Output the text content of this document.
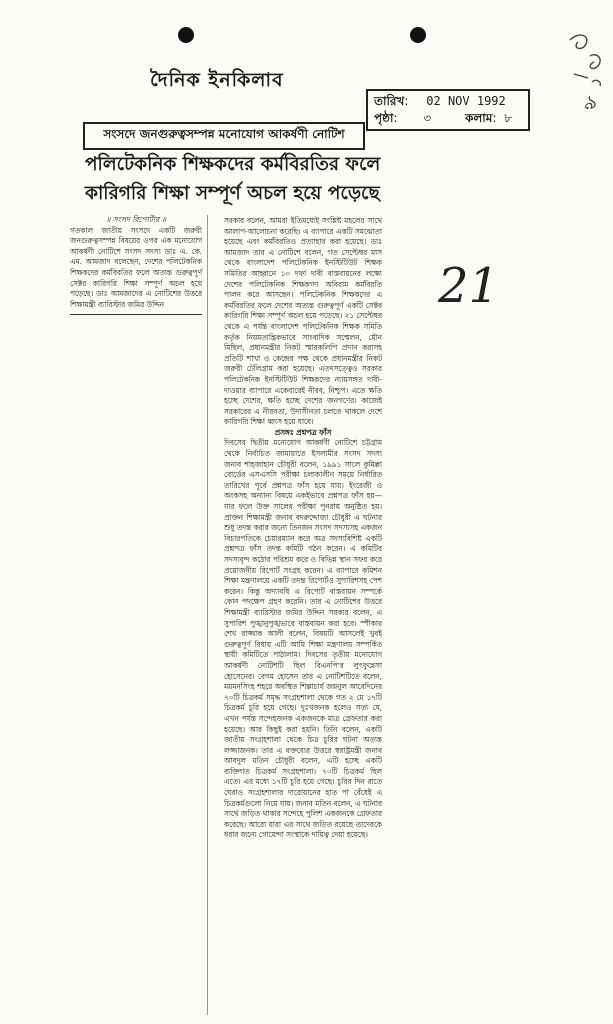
৯
21
দৈনিক ইনকিলাব
তারিখ: 02 NOV 1992
পৃষ্ঠা: ৩	কলাম: ৮
সংসদে জনগুরুত্বসম্পন্ন মনোযোগ আকর্ষণী নোটিশ
পলিটেকনিক শিক্ষকদের কর্মবিরতির ফলে
কারিগরি শিক্ষা সম্পূর্ণ অচল হয়ে পড়েছে
॥ সংসদ রিপোর্টার ॥

গতকাল জাতীয় সংসদে একটি জরুরী জনগুরুত্বসম্পন্ন বিষয়ের ওপর এক মনোযোগ আকর্ষণী নোটিশে সংসদ সদস্য ডাঃ এ. কে. এম. আমজাদ বলেছেন, দেশের পলিটেকনিক শিক্ষকদের কর্মবিরতির ফলে অত্যন্ত গুরুত্বপূর্ণ সেক্টর কারিগরি শিক্ষা সম্পূর্ণ অচল হয়ে পড়েছে। ডাঃ আমজাদের এ নোটিশের উত্তরে শিক্ষামন্ত্রী ব্যারিস্টার জমির উদ্দিন

সরকার বলেন, আমরা ইতিমধ্যেই সংশ্লিষ্ট মহলের সাথে আলাপ-আলোচনা করেছি। এ ব্যাপারে একটি সমঝোতা হয়েছে এবং কর্মবিরতিও প্রত্যাহার করা হয়েছে। ডাঃ আমজাদ তার এ নোটিশে বলেন, গত সেপ্টেম্বর মাস থেকে বাংলাদেশ পলিটেকনিক ইনস্টিটিউট শিক্ষক সমিতির আহ্বানে ১০ দফা দাবী বাস্তবায়নের লক্ষ্যে দেশের পলিটেকনিক শিক্ষকগণ অবিরাম কর্মবিরতি পালন করে আসছেন। পলিটেকনিক শিক্ষকদের এ কর্মবিরতির ফলে দেশের অত্যন্ত গুরুত্বপূর্ণ একটি সেক্টর কারিগরি শিক্ষা সম্পূর্ণ অচল হয়ে পড়েছে। ২১ সেপ্টেম্বর থেকে এ পর্যন্ত বাংলাদেশ পলিটেকনিক শিক্ষক সমিতি কর্তৃক নিয়মতান্ত্রিকভাবে সাংবাদিক সম্মেলন, মৌন মিছিল, প্রধানমন্ত্রীর নিকট স্মারকলিপি প্রদান করাসহ প্রতিটি শাখা ও কেন্দ্রের পক্ষ থেকে প্রধানমন্ত্রীর নিকট জরুরী টেলিগ্রাম করা হয়েছে। এতদসত্ত্বেও সরকার পলিটেকনিক ইনস্টিটিউট শিক্ষকদের ন্যায়সঙ্গত দাবী-দাওয়ার ব্যাপারে একেবারেই নীরব, নিশ্চুপ। এতে ক্ষতি হচ্ছে দেশের, ক্ষতি হচ্ছে দেশের জনগণের। কাজেই সরকারের এ নীরবতা, উদাসীনতা চলতে থাকলে দেশে কারিগরি শিক্ষা ধ্বংস হয়ে যাবে।

প্রসঙ্গঃ প্রশ্নপত্র ফাঁস

দিবসের দ্বিতীয় মনোযোগ আকর্ষণী নোটিশে চট্টগ্রাম থেকে নির্বাচিত জামায়াতে ইসলামীর সংসদ সদস্য জনাব শাহজাহান চৌধুরী বলেন, ১৯৯১ সালে কুমিল্লা বোর্ডের এসএসসি পরীক্ষা চলাকালীন সময়ে নির্ধারিত তারিখের পূর্বে প্রশ্নপত্র ফাঁস হয়ে যায়। ইংরেজী ও অংকসহ অন্যান্য বিষয়ে একইভাবে প্রশ্নপত্র ফাঁস হয়— যার ফলে উক্ত সালের পরীক্ষা পুনরায় অনুষ্ঠিত হয়। প্রাক্তন শিক্ষামন্ত্রী জনাব বদরুদ্দোজা চৌধুরী এ ঘটনার শুধু তদন্ত করার জন্যে তিনজন সংসদ সদস্যসহ একজন বিচারপতিকে চেয়ারম্যান করে অত্র সদস্যবিশিষ্ট একটি প্রশ্নপত্র ফাঁস তদন্ত কমিটি গঠন করেন। এ কমিটির সদস্যবৃন্দ কঠোর পরিশ্রম করে ও বিভিন্ন স্থান সফর করে প্রয়োজনীয় রিপোর্ট সংগ্রহ করেন। এ ব্যাপারে কমিশন শিক্ষা মন্ত্রণালয়ে একটি তদন্ত রিপোর্টও সুপারিশসহ পেশ করেন। কিন্তু অদ্যাবধি এ রিপোর্ট বাস্তবায়ন সম্পর্কে কোন পদক্ষেপ গ্রহণ করেনি। তার এ নোটিশের উত্তরে শিক্ষামন্ত্রী ব্যারিস্টার জমির উদ্দিন সরকার বলেন, এ সুপারিশ পুঙ্খানুপুঙ্খভাবে বাস্তবায়ন করা হবে। স্পীকার শেখ রাজ্জাক আলী বলেন, বিষয়টি আসলেই খুবই গুরুত্বপূর্ণ বিধায় এটি আমি শিক্ষা মন্ত্রণালয় সম্পর্কিত স্থায়ী কমিটিতে পাঠালাম। দিবসের তৃতীয় মনোযোগ আকর্ষণী নোটিশটি ছিল বিএনপি'র লুৎফুন্নেসা হোসেনের। বেগম হোসেন তার এ নোটিশটিতে বলেন, ময়মনসিংহ শহরে অবস্থিত শিল্পাচার্য জয়নুল আবেদিনের ৭০টি চিত্রকর্ম সমৃদ্ধ সংগ্রহশালা থেকে গত ২ মে ১৭টি চিত্রকর্ম চুরি হয়ে গেছে। দুঃখজনক হলেও সত্য যে, এখন পর্যন্ত সন্দেহজনক একজনকে মাত্র গ্রেফতার করা হয়েছে। আর কিছুই করা হয়নি। তিনি বলেন, একটি জাতীয় সংগ্রহশালা থেকে চিত্র চুরির ঘটনা অত্যন্ত লজ্জাজনক। তার এ বক্তব্যের উত্তরে স্বরাষ্ট্রমন্ত্রী জনাব আবদুল মতিন চৌধুরী বলেন, এটি হচ্ছে একটি ব্যক্তিগত চিত্রকর্ম সংগ্রহশালা। ৭০টি চিত্রকর্ম ছিল এতে। এর মধ্যে ১৭টি চুরি হয়ে গেছে। চুরির দিন রাতে ঘেরাও সংগ্রহশালার দারোয়ানের হাত পা বেঁধেই এ চিত্রকর্মগুলো নিয়ে যায়। জনাব মতিন বলেন, এ ঘটনার সাথে জড়িত থাকার সন্দেহে পুলিশ একজনকে গ্রেফতার করেছে। আরো যারা এর সাথে জড়িত রয়েছে তাদেরকে ধরার জন্যে গোয়েন্দা সংস্থাকে দায়িত্ব দেয়া হয়েছে।
